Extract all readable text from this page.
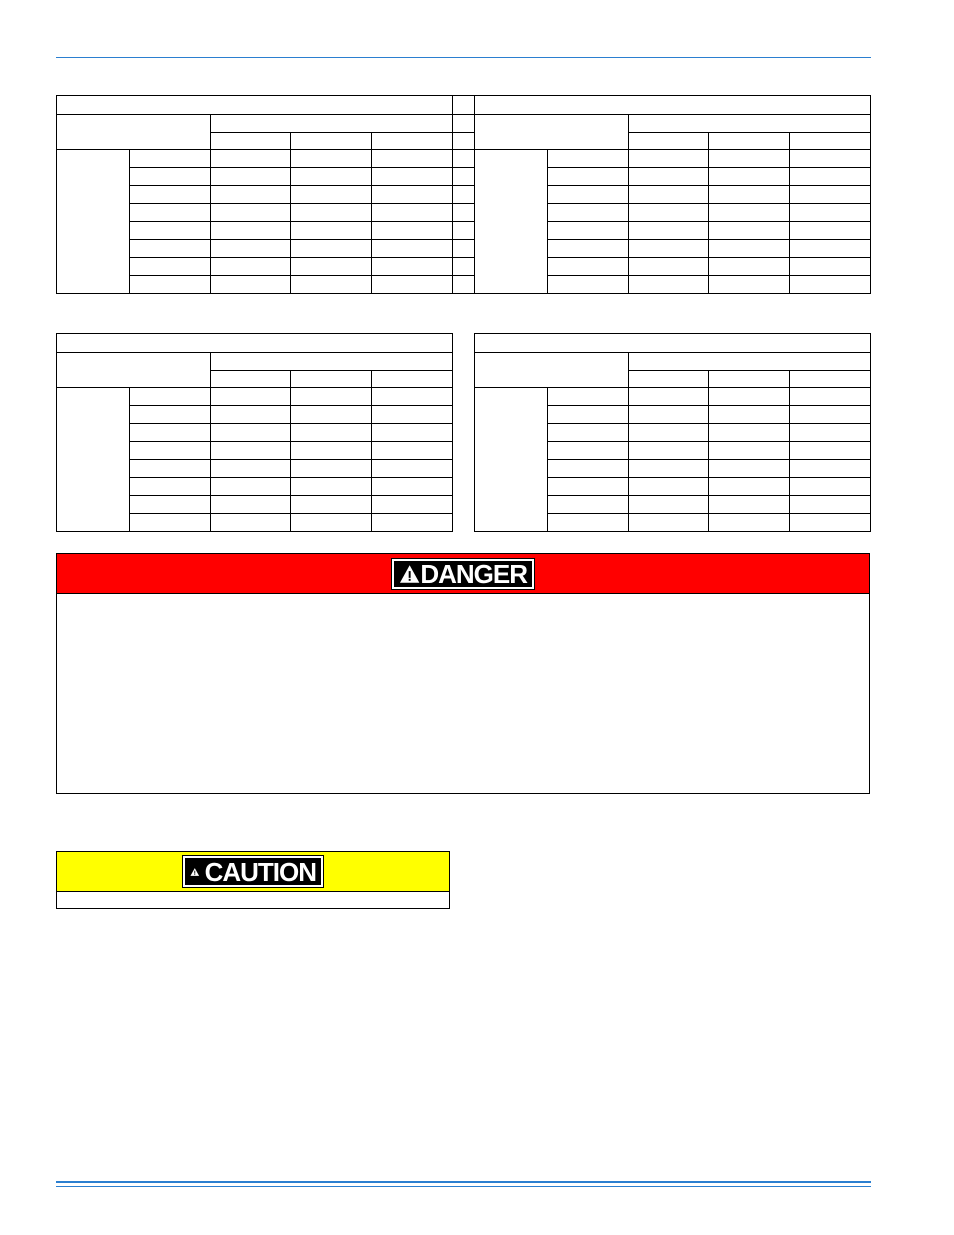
DANGER
CAUTION
